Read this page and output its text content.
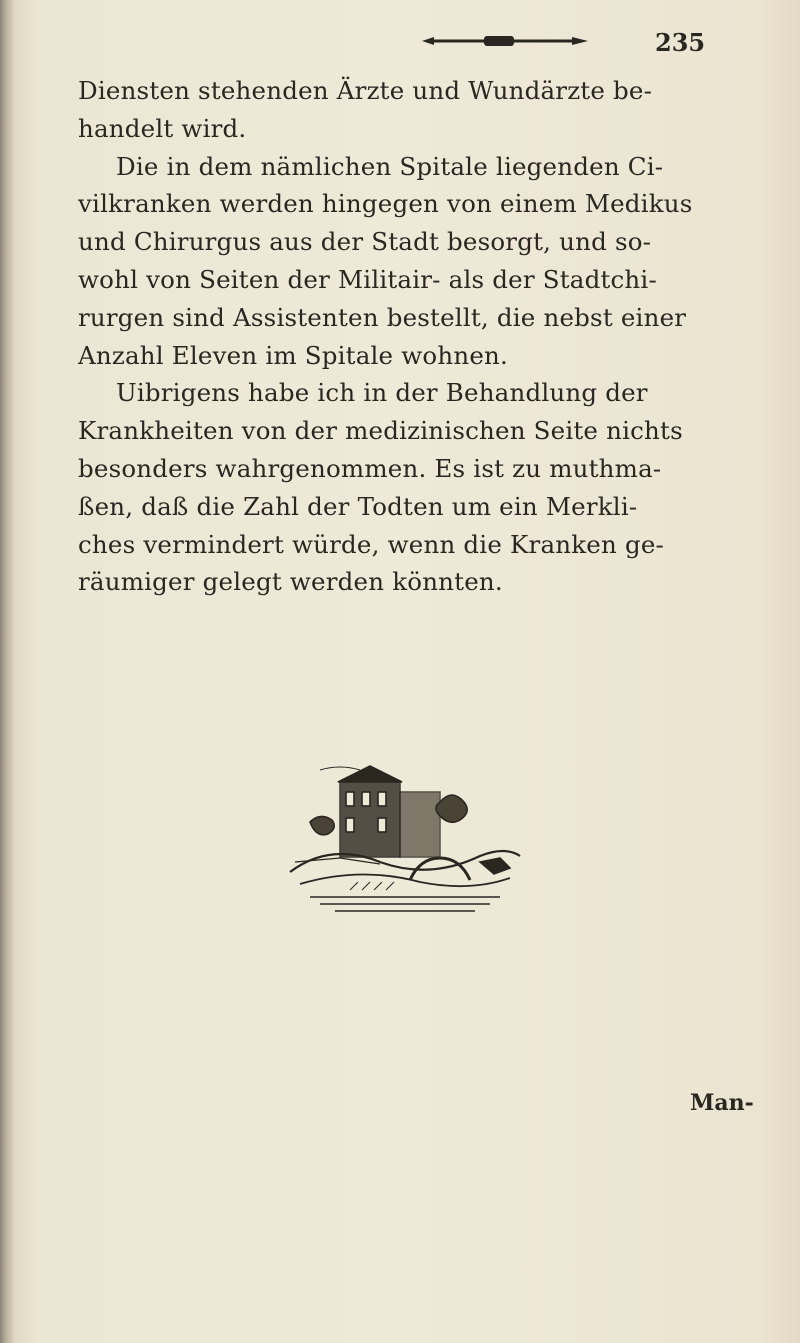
235
Diensten stehenden Ärzte und Wundärzte be-
handelt wird.
Die in dem nämlichen Spitale liegenden Ci-
vilkranken werden hingegen von einem Medikus
und Chirurgus aus der Stadt besorgt, und so-
wohl von Seiten der Militair- als der Stadtchi-
rurgen sind Assistenten bestellt, die nebst einer
Anzahl Eleven im Spitale wohnen.
Uibrigens habe ich in der Behandlung der
Krankheiten von der medizinischen Seite nichts
besonders wahrgenommen. Es ist zu muthma-
ßen, daß die Zahl der Todten um ein Merkli-
ches vermindert würde, wenn die Kranken ge-
räumiger gelegt werden könnten.
Man-
